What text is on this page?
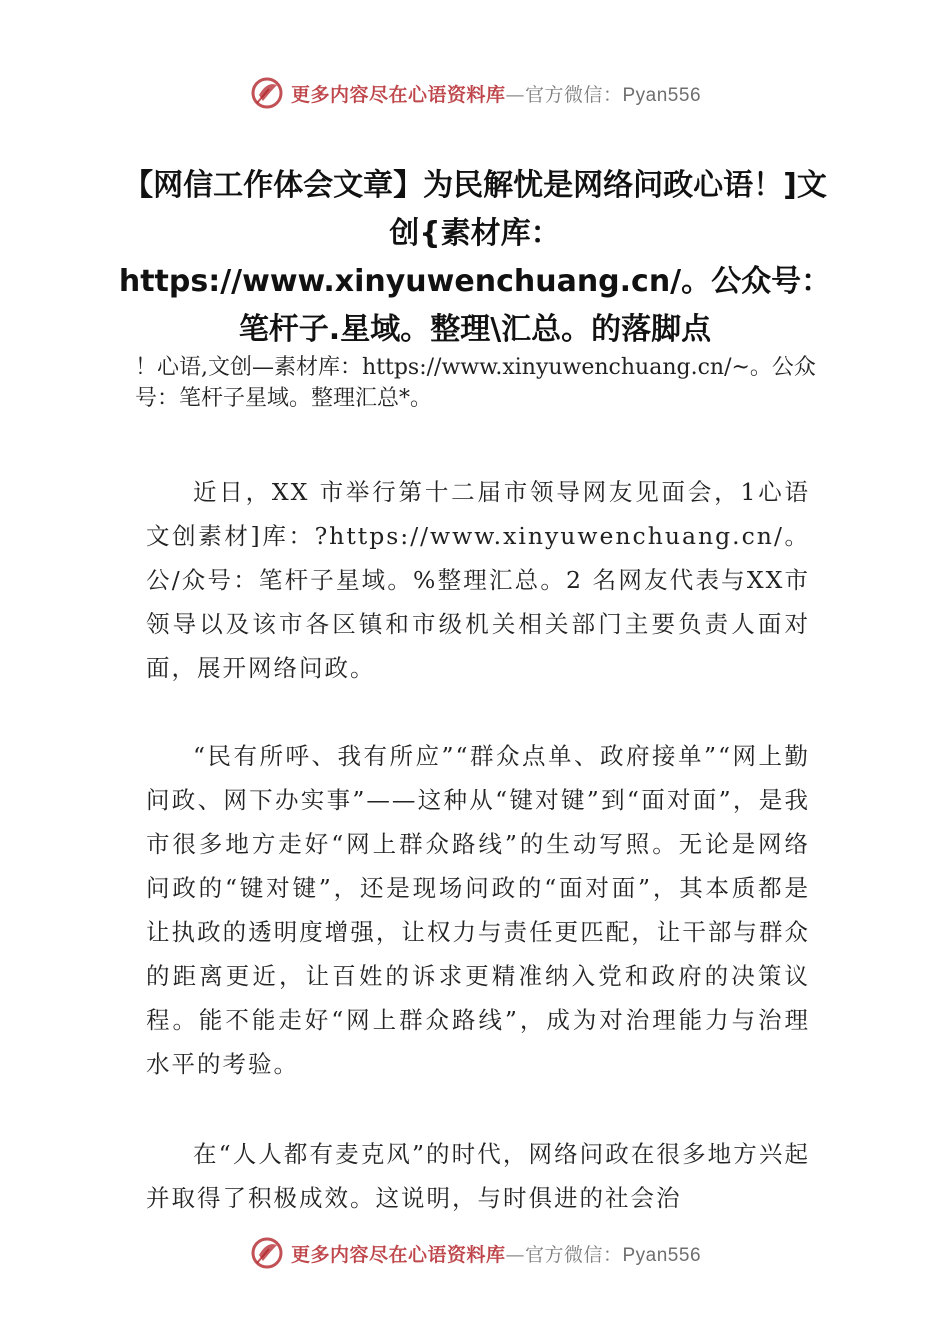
更多内容尽在心语资料库—官方微信：Pyan556
【网信工作体会文章】为民解忧是网络问政心语！]文创{素材库：https://www.xinyuwenchuang.cn/。公众号：笔杆子.星域。整理\汇总。的落脚点
！心语,文创—素材库：https://www.xinyuwenchuang.cn/~。公众号：笔杆子星域。整理汇总*。

近日，XX 市举行第十二届市领导网友见面会，1心语文创素材]库：?https://www.xinyuwenchuang.cn/。公/众号：笔杆子星域。%整理汇总。2 名网友代表与XX市领导以及该市各区镇和市级机关相关部门主要负责人面对面，展开网络问政。

“民有所呼、我有所应”“群众点单、政府接单”“网上勤问政、网下办实事”——这种从“键对键”到“面对面”，是我市很多地方走好“网上群众路线”的生动写照。无论是网络问政的“键对键”，还是现场问政的“面对面”，其本质都是让执政的透明度增强，让权力与责任更匹配，让干部与群众的距离更近，让百姓的诉求更精准纳入党和政府的决策议程。能不能走好“网上群众路线”，成为对治理能力与治理水平的考验。

在“人人都有麦克风”的时代，网络问政在很多地方兴起并取得了积极成效。这说明，与时俱进的社会治

更多内容尽在心语资料库—官方微信：Pyan556
